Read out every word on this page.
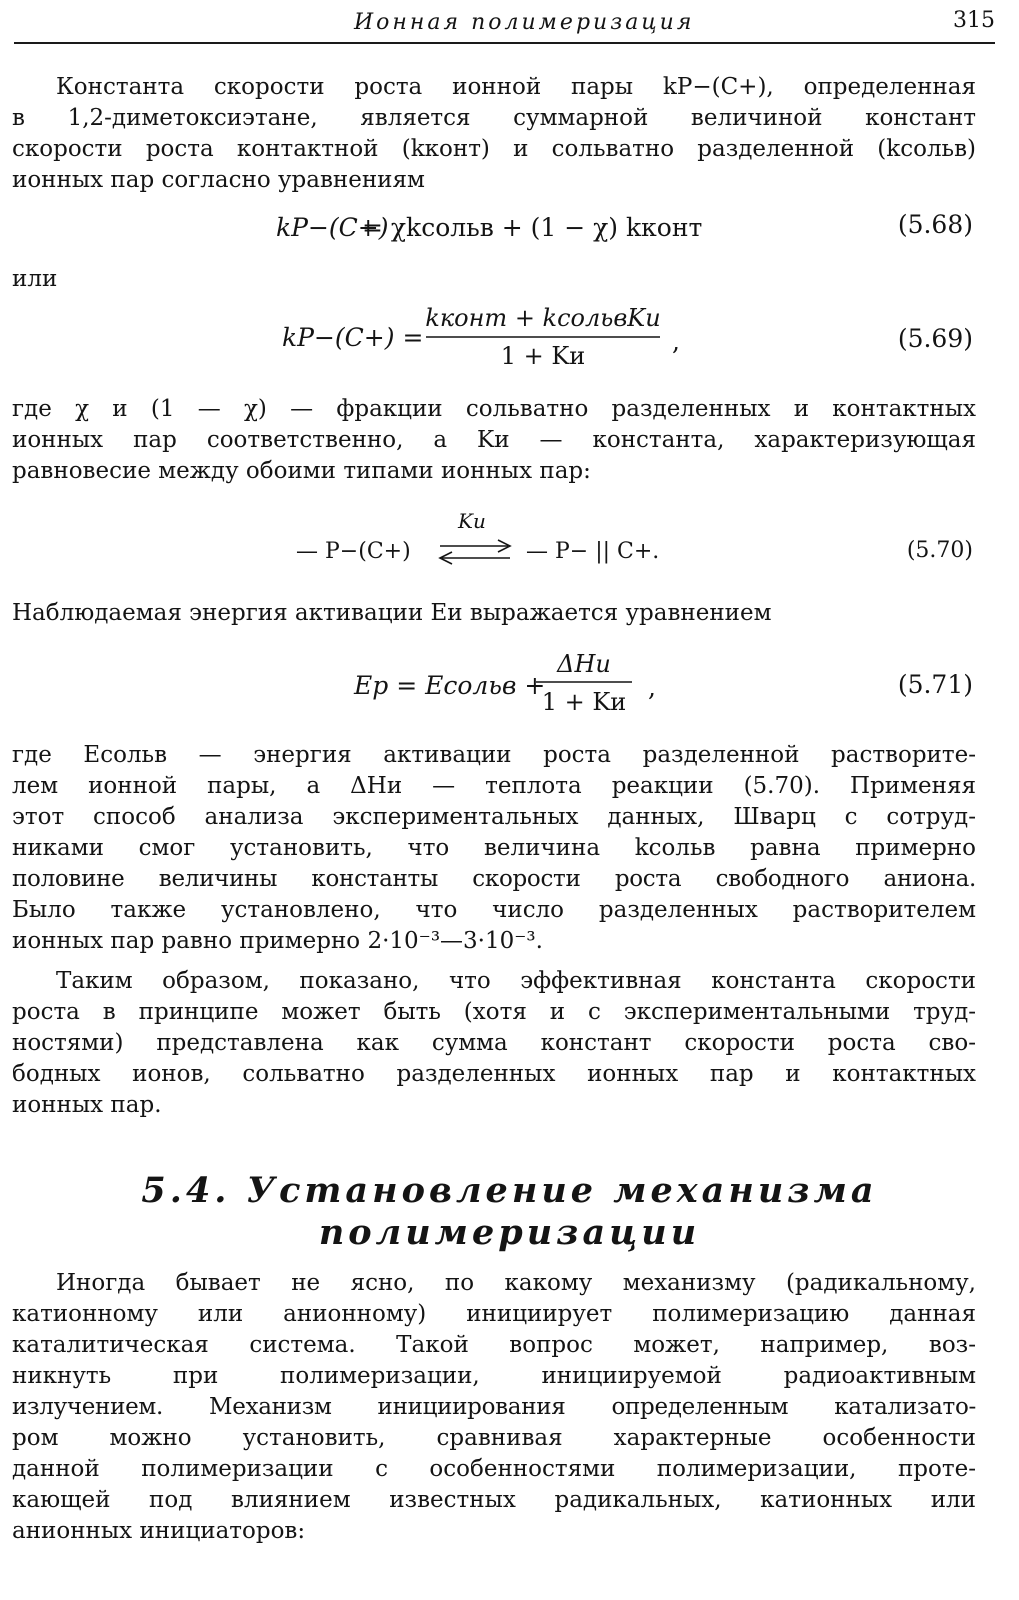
Ионная полимеризация	315
Константа скорости роста ионной пары kP−(C+), определенная
в 1,2-диметоксиэтане, является суммарной величиной констант
скорости роста контактной (kконт) и сольватно разделенной (kсольв)
ионных пар согласно уравнениям
kP−(C+)
= χkсольв + (1 − χ) kконт	(5.68)
или
kP−(C+) =
kконт + kсольвKи
1 + Kи	,	(5.69)
где χ и (1 — χ) — фракции сольватно разделенных и контактных
ионных пар соответственно, а Kи — константа, характеризующая
равновесие между обоими типами ионных пар:
— P−(C+)
Kи
— P− || C+.	(5.70)
Наблюдаемая энергия активации Eи выражается уравнением
Ep = Eсольв +
ΔHи
1 + Kи ,	(5.71)
где Eсольв — энергия активации роста разделенной растворите-
лем ионной пары, а ΔHи — теплота реакции (5.70). Применяя
этот способ анализа экспериментальных данных, Шварц с сотруд-
никами смог установить, что величина kсольв равна примерно
половине величины константы скорости роста свободного аниона.
Было также установлено, что число разделенных растворителем
ионных пар равно примерно 2·10⁻³—3·10⁻³.
Таким образом, показано, что эффективная константа скорости
роста в принципе может быть (хотя и с экспериментальными труд-
ностями) представлена как сумма констант скорости роста сво-
бодных ионов, сольватно разделенных ионных пар и контактных
ионных пар.
5.4. Установление механизма
полимеризации
Иногда бывает не ясно, по какому механизму (радикальному,
катионному или анионному) инициирует полимеризацию данная
каталитическая система. Такой вопрос может, например, воз-
никнуть при полимеризации, инициируемой радиоактивным
излучением. Механизм инициирования определенным катализато-
ром можно установить, сравнивая характерные особенности
данной полимеризации с особенностями полимеризации, проте-
кающей под влиянием известных радикальных, катионных или
анионных инициаторов:
